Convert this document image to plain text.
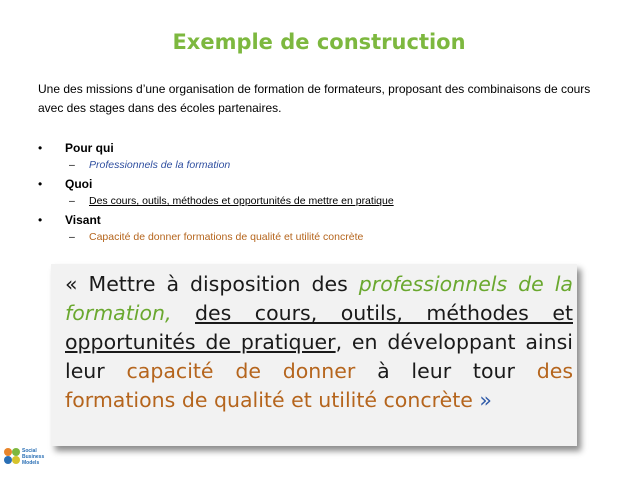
Exemple de construction
Une des missions d’une organisation de formation de formateurs, proposant des combinaisons de cours avec des stages dans des écoles partenaires.
• Pour qui
– Professionnels de la formation
• Quoi
– Des cours, outils, méthodes et opportunités de mettre en pratique
• Visant
– Capacité de donner formations de qualité et utilité concrète
« Mettre à disposition des professionnels de la formation, des cours, outils, méthodes et opportunités de pratiquer, en développant ainsi leur capacité de donner à leur tour des formations de qualité et utilité concrète »
Social
Business
Models
